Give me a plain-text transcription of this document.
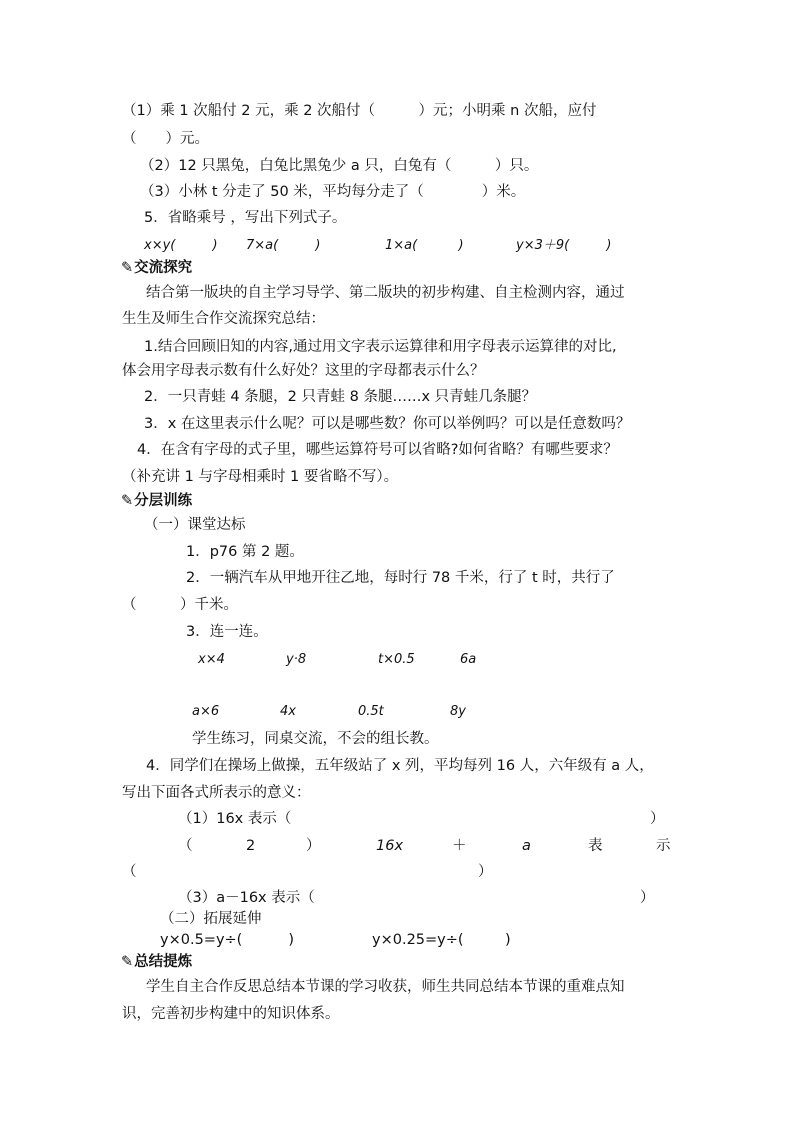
（1）乘 1 次船付 2 元，乘 2 次船付（　　　）元；小明乘 n 次船，应付
（　　）元。
（2）12 只黑兔，白兔比黑兔少 a 只，白兔有（　　　）只。
（3）小林 t 分走了 50 米，平均每分走了（　　　　）米。
5．省略乘号 ，写出下列式子。
x×y(         ) 7×a(         )	1×a(          )	y×3＋9(         )
✎交流探究
结合第一版块的自主学习导学、第二版块的初步构建、自主检测内容，通过
生生及师生合作交流探究总结：
1.结合回顾旧知的内容,通过用文字表示运算律和用字母表示运算律的对比,
体会用字母表示数有什么好处？这里的字母都表示什么？
2．一只青蛙 4 条腿，2 只青蛙 8 条腿……x 只青蛙几条腿？
3．x 在这里表示什么呢？可以是哪些数？你可以举例吗？可以是任意数吗？
4．在含有字母的式子里，哪些运算符号可以省略?如何省略？有哪些要求？
（补充讲 1 与字母相乘时 1 要省略不写）。
✎分层训练
（一）课堂达标
1．p76 第 2 题。
2．一辆汽车从甲地开往乙地，每时行 78 千米，行了 t 时，共行了
（　　　）千米。
3．连一连。
x×4	y·8	t×0.5	6a
a×6	4x	0.5t	8y
学生练习，同桌交流，不会的组长教。
4．同学们在操场上做操，五年级站了 x 列，平均每列 16 人，六年级有 a 人，
写出下面各式所表示的意义：
（1）16x 表示（	）
（	2	）	16x	＋	a	表	示
（	）
（3）a－16x 表示（	）
（二）拓展延伸
y×0.5=y÷(          )	y×0.25=y÷(         )
✎总结提炼
学生自主合作反思总结本节课的学习收获，师生共同总结本节课的重难点知
识，完善初步构建中的知识体系。
